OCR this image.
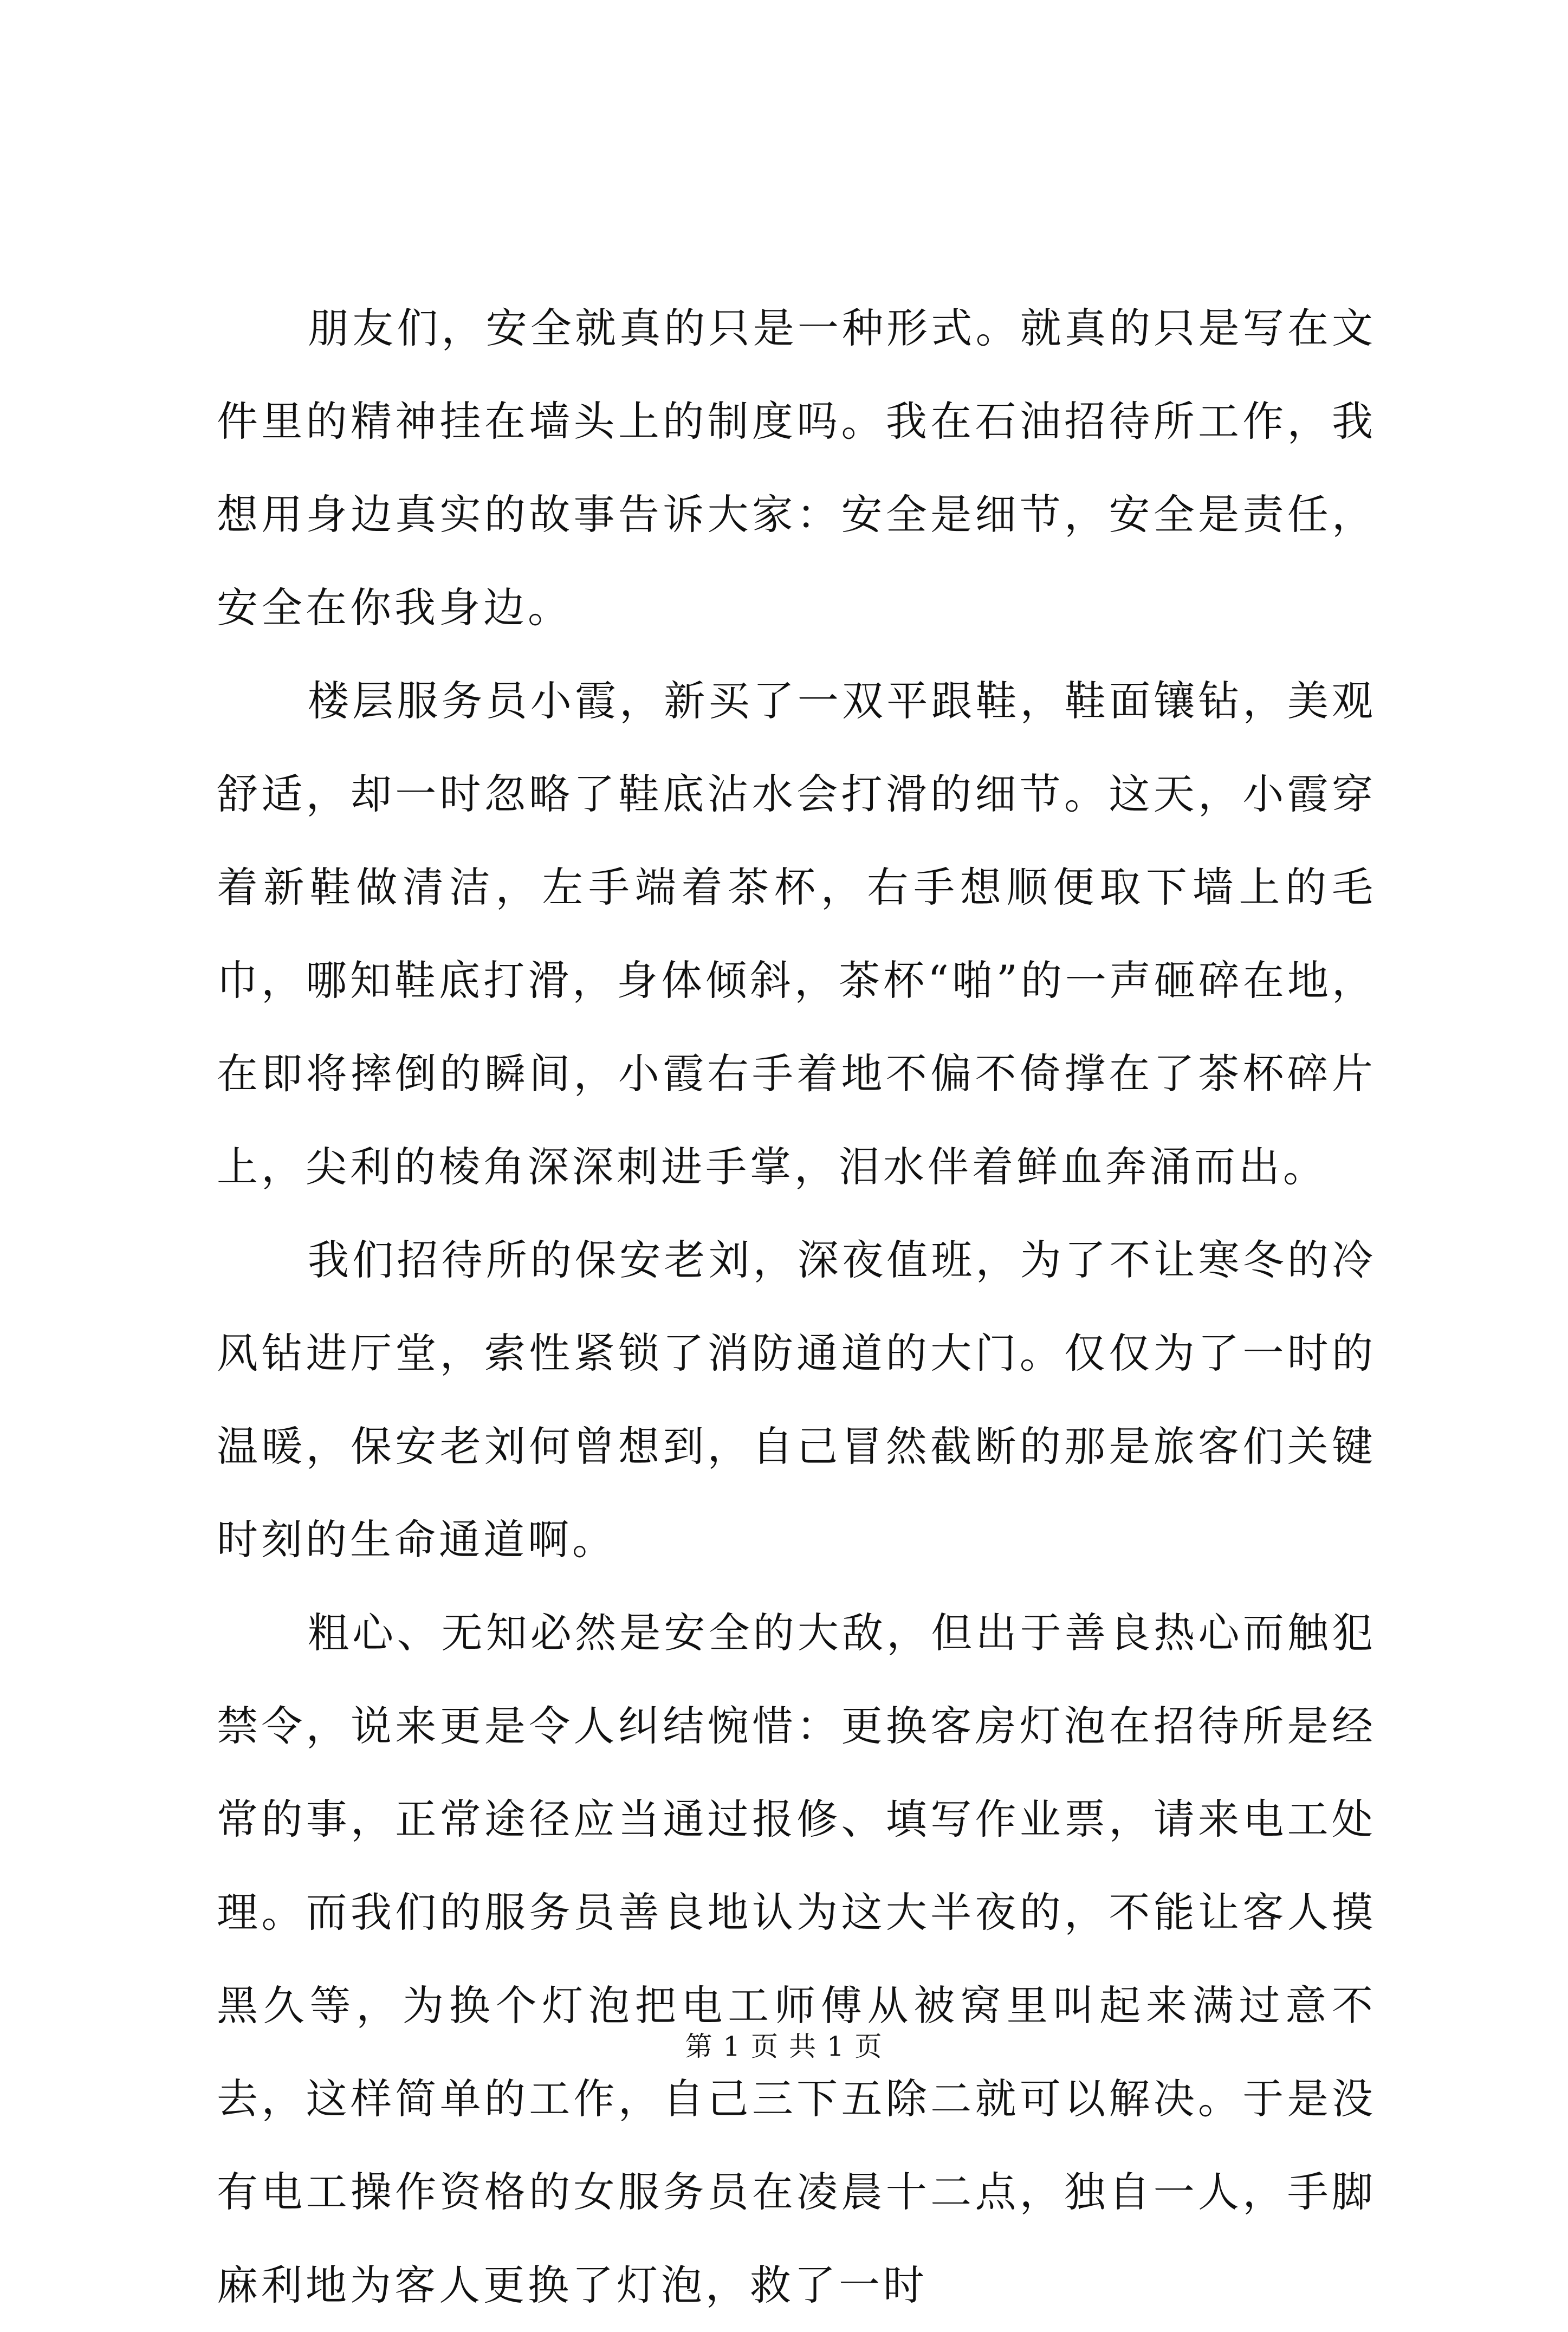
朋友们，安全就真的只是一种形式。就真的只是写在文件里的精神挂在墙头上的制度吗。我在石油招待所工作，我想用身边真实的故事告诉大家：安全是细节，安全是责任，安全在你我身边。

楼层服务员小霞，新买了一双平跟鞋，鞋面镶钻，美观舒适，却一时忽略了鞋底沾水会打滑的细节。这天，小霞穿着新鞋做清洁，左手端着茶杯，右手想顺便取下墙上的毛巾，哪知鞋底打滑，身体倾斜，茶杯“啪”的一声砸碎在地，在即将摔倒的瞬间，小霞右手着地不偏不倚撑在了茶杯碎片上，尖利的棱角深深刺进手掌，泪水伴着鲜血奔涌而出。

我们招待所的保安老刘，深夜值班，为了不让寒冬的冷风钻进厅堂，索性紧锁了消防通道的大门。仅仅为了一时的温暖，保安老刘何曾想到，自己冒然截断的那是旅客们关键时刻的生命通道啊。

粗心、无知必然是安全的大敌，但出于善良热心而触犯禁令，说来更是令人纠结惋惜：更换客房灯泡在招待所是经常的事，正常途径应当通过报修、填写作业票，请来电工处理。而我们的服务员善良地认为这大半夜的，不能让客人摸黑久等，为换个灯泡把电工师傅从被窝里叫起来满过意不去，这样简单的工作，自己三下五除二就可以解决。于是没有电工操作资格的女服务员在凌晨十二点，独自一人，手脚麻利地为客人更换了灯泡，救了一时

第 1 页 共 1 页
